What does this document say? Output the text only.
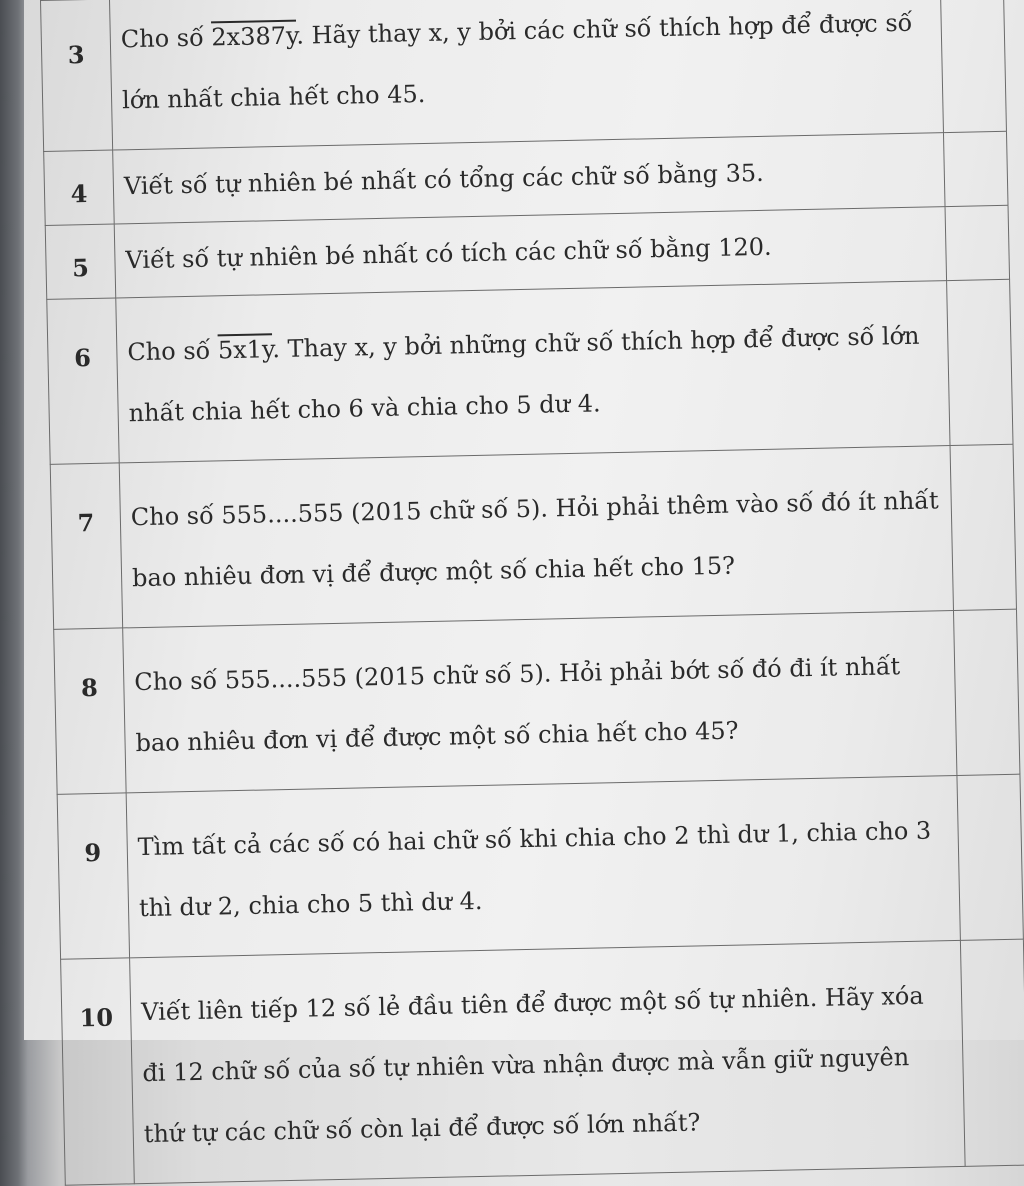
3	Cho số 2x387y. Hãy thay x, y bởi các chữ số thích hợp để được số lớn nhất chia hết cho 45.	
4	Viết số tự nhiên bé nhất có tổng các chữ số bằng 35.	
5	Viết số tự nhiên bé nhất có tích các chữ số bằng 120.	
6	Cho số 5x1y. Thay x, y bởi những chữ số thích hợp để được số lớn nhất chia hết cho 6 và chia cho 5 dư 4.	
7	Cho số 555....555 (2015 chữ số 5). Hỏi phải thêm vào số đó ít nhất bao nhiêu đơn vị để được một số chia hết cho 15?	
8	Cho số 555....555 (2015 chữ số 5). Hỏi phải bớt số đó đi ít nhất bao nhiêu đơn vị để được một số chia hết cho 45?	
9	Tìm tất cả các số có hai chữ số khi chia cho 2 thì dư 1, chia cho 3 thì dư 2, chia cho 5 thì dư 4.	
10	Viết liên tiếp 12 số lẻ đầu tiên để được một số tự nhiên. Hãy xóa đi 12 chữ số của số tự nhiên vừa nhận được mà vẫn giữ nguyên thứ tự các chữ số còn lại để được số lớn nhất?	
